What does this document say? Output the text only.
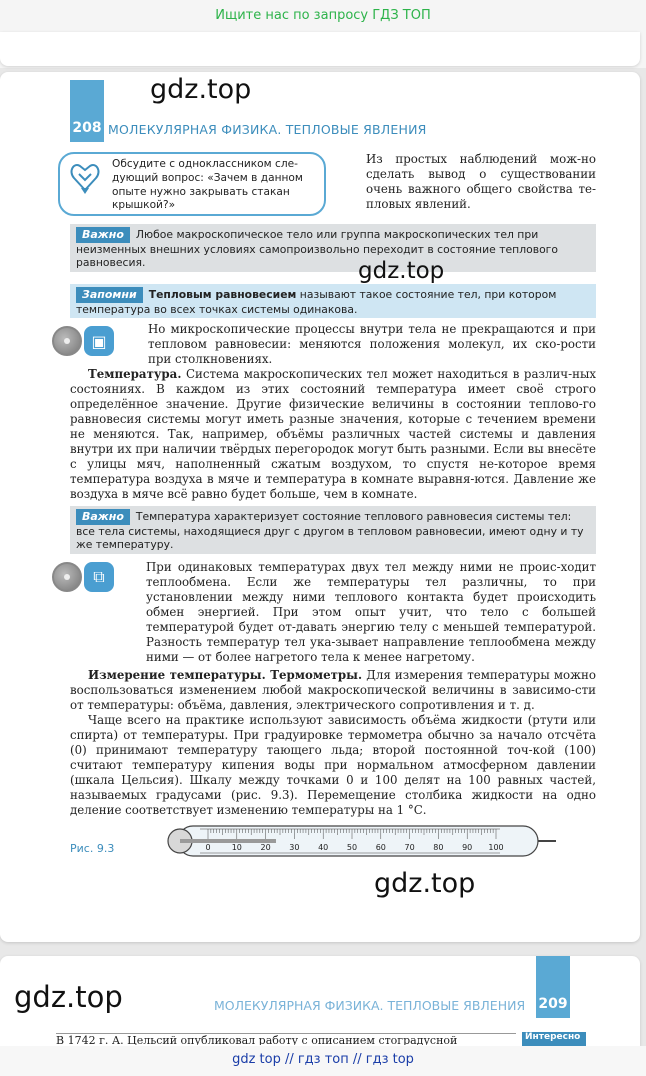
Ищите нас по запросу ГДЗ ТОП
208 МОЛЕКУЛЯРНАЯ ФИЗИКА. ТЕПЛОВЫЕ ЯВЛЕНИЯ
gdz.top
Обсудите с одноклассником сле-дующий вопрос: «Зачем в данном опыте нужно закрывать стакан крышкой?»
Из простых наблюдений мож-но сделать вывод о существовании очень важного общего свойства те-пловых явлений.
Важно Любое макроскопическое тело или группа макроскопических тел при неизменных внешних условиях самопроизвольно переходит в состояние теплового равновесия.	gdz.top
Запомни Тепловым равновесием называют такое состояние тел, при котором температура во всех точках системы одинакова.
▣

Но микроскопические процессы внутри тела не прекращаются и при тепловом равновесии: меняются положения молекул, их ско-рости при столкновениях.

Температура. Система макроскопических тел может находиться в различ-ных состояниях. В каждом из этих состояний температура имеет своё строго определённое значение. Другие физические величины в состоянии теплово-го равновесия системы могут иметь разные значения, которые с течением времени не меняются. Так, например, объёмы различных частей системы и давления внутри их при наличии твёрдых перегородок могут быть разными. Если вы внесёте с улицы мяч, наполненный сжатым воздухом, то спустя не-которое время температура воздуха в мяче и температура в комнате выравня-ются. Давление же воздуха в мяче всё равно будет больше, чем в комнате.

Важно Температура характеризует состояние теплового равновесия системы тел: все тела системы, находящиеся друг с другом в тепловом равновесии, имеют одну и ту же температуру.
⧉	При одинаковых температурах двух тел между ними не проис-ходит теплообмена. Если же температуры тел различны, то при установлении между ними теплового контакта будет происходить обмен энергией. При этом опыт учит, что тело с большей температурой будет от-давать энергию телу с меньшей температурой. Разность температур тел ука-зывает направление теплообмена между ними — от более нагретого тела к менее нагретому.

Измерение температуры. Термометры. Для измерения температуры можно воспользоваться изменением любой макроскопической величины в зависимо-сти от температуры: объёма, давления, электрического сопротивления и т. д.

Чаще всего на практике используют зависимость объёма жидкости (ртути или спирта) от температуры. При градуировке термометра обычно за начало отсчёта (0) принимают температуру тающего льда; второй постоянной точ-кой (100) считают температуру кипения воды при нормальном атмосферном давлении (шкала Цельсия). Шкалу между точками 0 и 100 делят на 100 равных частей, называемых градусами (рис. 9.3). Перемещение столбика жидкости на одно деление соответствует изменению температуры на 1 °С.

Рис. 9.3	0	10 20 30 40 50 60 70 80 90 100
gdz.top
209
МОЛЕКУЛЯРНАЯ ФИЗИКА. ТЕПЛОВЫЕ ЯВЛЕНИЯ
В 1742 г. А. Цельсий опубликовал работу с описанием стоградусной	Интересно
gdz.top
gdz top // гдз топ // гдз top
